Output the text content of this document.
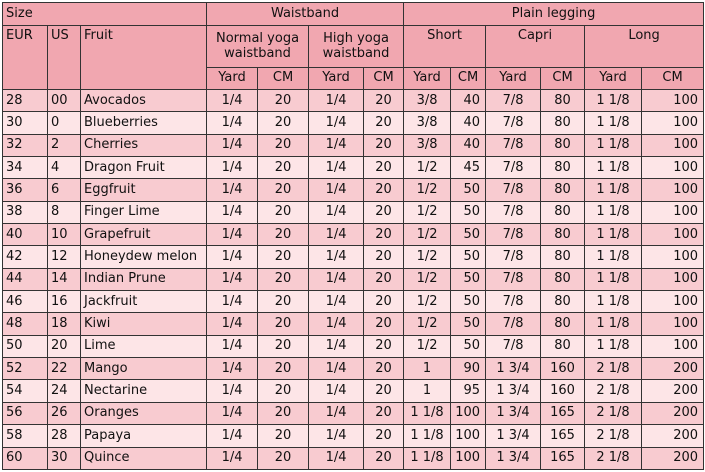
Size			Waistband				Plain legging					
EUR	US	Fruit	Normal yoga waistband		High yoga waistband		Short		Capri		Long	
			Yard	CM	Yard	CM	Yard	CM	Yard	CM	Yard	CM
28	00	Avocados	1/4	20	1/4	20	3/8	40	7/8	80	1 1/8	100
30	0	Blueberries	1/4	20	1/4	20	3/8	40	7/8	80	1 1/8	100
32	2	Cherries	1/4	20	1/4	20	3/8	40	7/8	80	1 1/8	100
34	4	Dragon Fruit	1/4	20	1/4	20	1/2	45	7/8	80	1 1/8	100
36	6	Eggfruit	1/4	20	1/4	20	1/2	50	7/8	80	1 1/8	100
38	8	Finger Lime	1/4	20	1/4	20	1/2	50	7/8	80	1 1/8	100
40	10	Grapefruit	1/4	20	1/4	20	1/2	50	7/8	80	1 1/8	100
42	12	Honeydew melon	1/4	20	1/4	20	1/2	50	7/8	80	1 1/8	100
44	14	Indian Prune	1/4	20	1/4	20	1/2	50	7/8	80	1 1/8	100
46	16	Jackfruit	1/4	20	1/4	20	1/2	50	7/8	80	1 1/8	100
48	18	Kiwi	1/4	20	1/4	20	1/2	50	7/8	80	1 1/8	100
50	20	Lime	1/4	20	1/4	20	1/2	50	7/8	80	1 1/8	100
52	22	Mango	1/4	20	1/4	20	1	90	1 3/4	160	2 1/8	200
54	24	Nectarine	1/4	20	1/4	20	1	95	1 3/4	160	2 1/8	200
56	26	Oranges	1/4	20	1/4	20	1 1/8	100	1 3/4	165	2 1/8	200
58	28	Papaya	1/4	20	1/4	20	1 1/8	100	1 3/4	165	2 1/8	200
60	30	Quince	1/4	20	1/4	20	1 1/8	100	1 3/4	165	2 1/8	200
